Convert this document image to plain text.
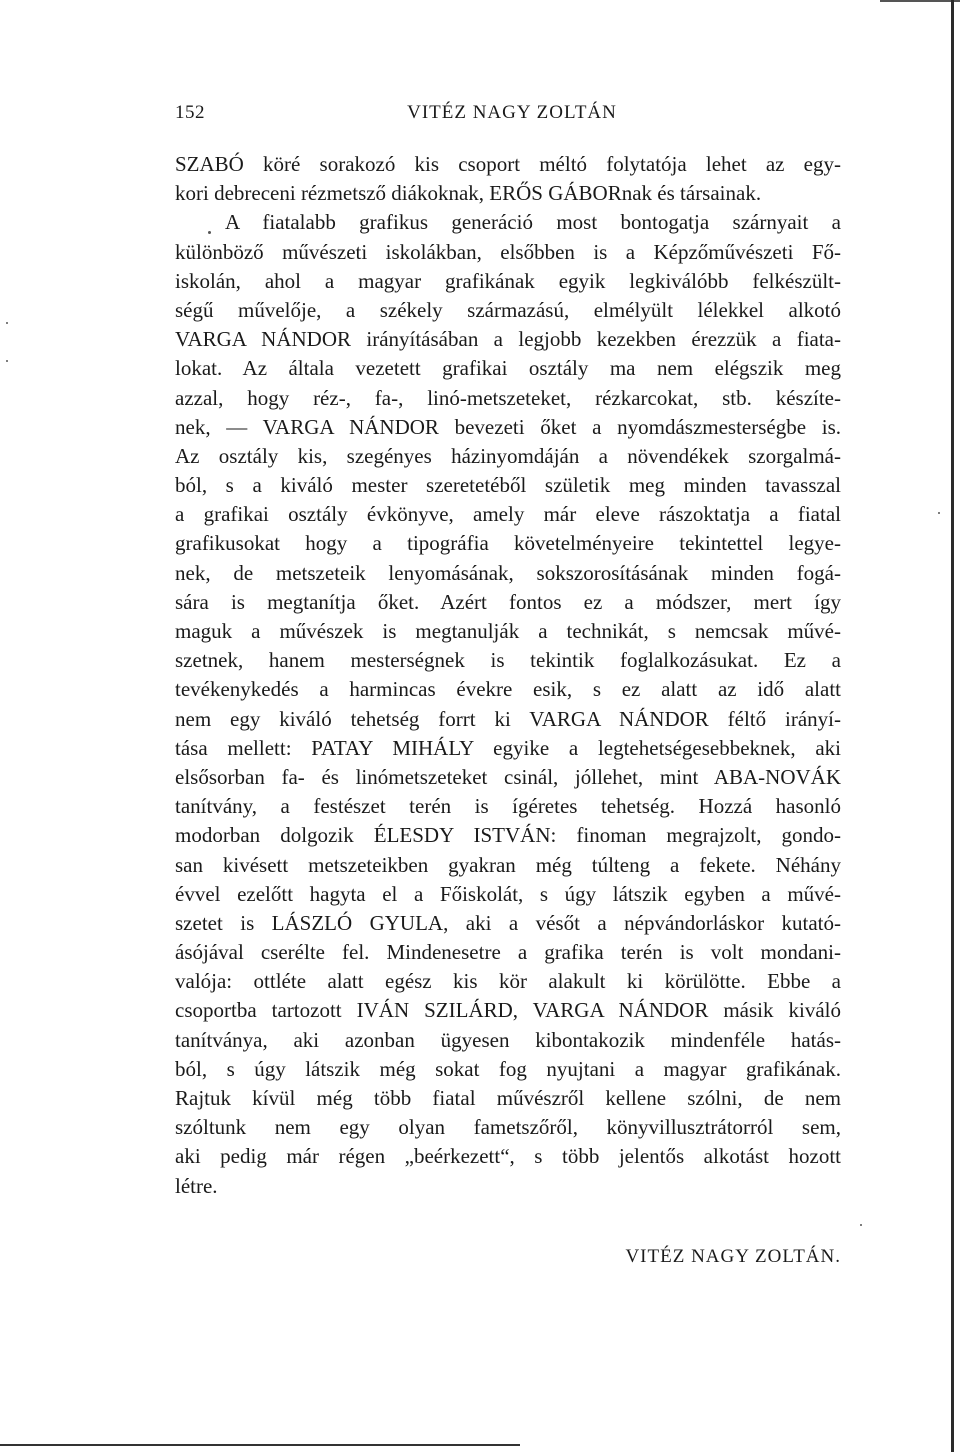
152	VITÉZ NAGY ZOLTÁN
SZABÓ köré sorakozó kis csoport méltó folytatója lehet az egy-
kori debreceni rézmetsző diákoknak, ERŐS GÁBORnak és társainak.
A fiatalabb grafikus generáció most bontogatja szárnyait a
különböző művészeti iskolákban, elsőbben is a Képzőművészeti Fő-
iskolán, ahol a magyar grafikának egyik legkiválóbb felkészült-
ségű művelője, a székely származású, elmélyült lélekkel alkotó
VARGA NÁNDOR irányításában a legjobb kezekben érezzük a fiata-
lokat. Az általa vezetett grafikai osztály ma nem elégszik meg
azzal, hogy réz-, fa-, linó-metszeteket, rézkarcokat, stb. készíte-
nek, — VARGA NÁNDOR bevezeti őket a nyomdászmesterségbe is.
Az osztály kis, szegényes házinyomdáján a növendékek szorgalmá-
ból, s a kiváló mester szeretetéből születik meg minden tavasszal
a grafikai osztály évkönyve, amely már eleve rászoktatja a fiatal
grafikusokat hogy a tipográfia követelményeire tekintettel legye-
nek, de metszeteik lenyomásának, sokszorosításának minden fogá-
sára is megtanítja őket. Azért fontos ez a módszer, mert így
maguk a művészek is megtanulják a technikát, s nemcsak művé-
szetnek, hanem mesterségnek is tekintik foglalkozásukat. Ez a
tevékenykedés a harmincas évekre esik, s ez alatt az idő alatt
nem egy kiváló tehetség forrt ki VARGA NÁNDOR féltő irányí-
tása mellett: PATAY MIHÁLY egyike a legtehetségesebbeknek, aki
elsősorban fa- és linómetszeteket csinál, jóllehet, mint ABA-NOVÁK
tanítvány, a festészet terén is ígéretes tehetség. Hozzá hasonló
modorban dolgozik ÉLESDY ISTVÁN: finoman megrajzolt, gondo-
san kivésett metszeteikben gyakran még túlteng a fekete. Néhány
évvel ezelőtt hagyta el a Főiskolát, s úgy látszik egyben a művé-
szetet is LÁSZLÓ GYULA, aki a vésőt a népvándorláskor kutató-
ásójával cserélte fel. Mindenesetre a grafika terén is volt mondani-
valója: ottléte alatt egész kis kör alakult ki körülötte. Ebbe a
csoportba tartozott IVÁN SZILÁRD, VARGA NÁNDOR másik kiváló
tanítványa, aki azonban ügyesen kibontakozik mindenféle hatás-
ból, s úgy látszik még sokat fog nyujtani a magyar grafikának.
Rajtuk kívül még több fiatal művészről kellene szólni, de nem
szóltunk nem egy olyan fametszőről, könyvillusztrátorról sem,
aki pedig már régen „beérkezett“, s több jelentős alkotást hozott
létre.
VITÉZ NAGY ZOLTÁN.
